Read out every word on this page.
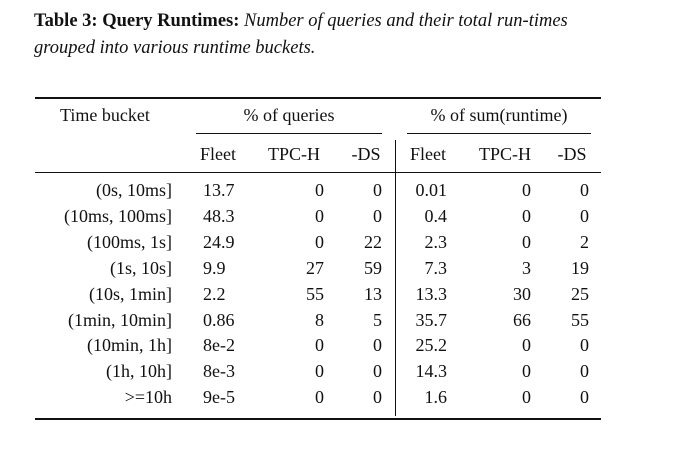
Table 3: Query Runtimes: Number of queries and their total run-times grouped into various runtime buckets.
Time bucket	% of queries	% of sum(runtime)
Fleet	TPC-H	-DS	Fleet	TPC-H	-DS
(0s, 10ms] 13.7	0	0	0.01	0	0
(10ms, 100ms] 48.3	0	0	0.4	0	0
(100ms, 1s] 24.9	0	22	2.3	0	2
(1s, 10s] 9.9	27	59	7.3	3	19
(10s, 1min] 2.2	55	13	13.3	30	25
(1min, 10min] 0.86	8	5	35.7	66	55
(10min, 1h] 8e-2	0	0	25.2	0	0
(1h, 10h] 8e-3	0	0	14.3	0	0
>=10h 9e-5	0	0	1.6	0	0
